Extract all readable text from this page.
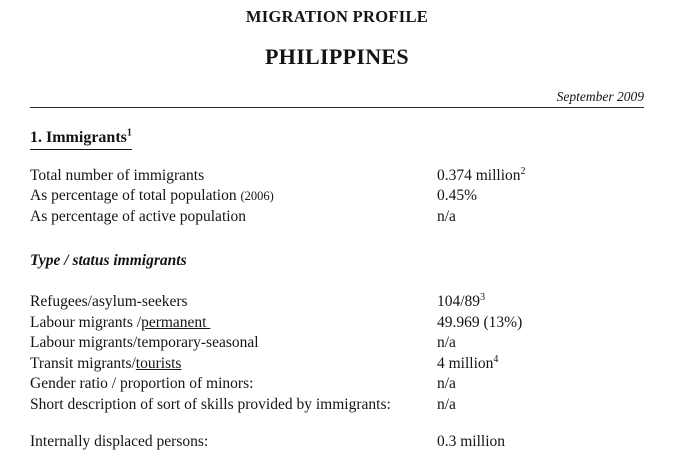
MIGRATION PROFILE
PHILIPPINES
September 2009
1. Immigrants$^1$
Total number of immigrants	0.374 million$^2$
As percentage of total population (2006)	0.45%
As percentage of active population	n/a
Type / status immigrants
Refugees/asylum-seekers	$104/89^3$
Labour migrants /permanent	49.969 (13%)
Labour migrants/temporary-seasonal	n/a
Transit migrants/tourists	4 million$^4$
Gender ratio / proportion of minors:	n/a
Short description of sort of skills provided by immigrants:	n/a
Internally displaced persons:	0.3 million
